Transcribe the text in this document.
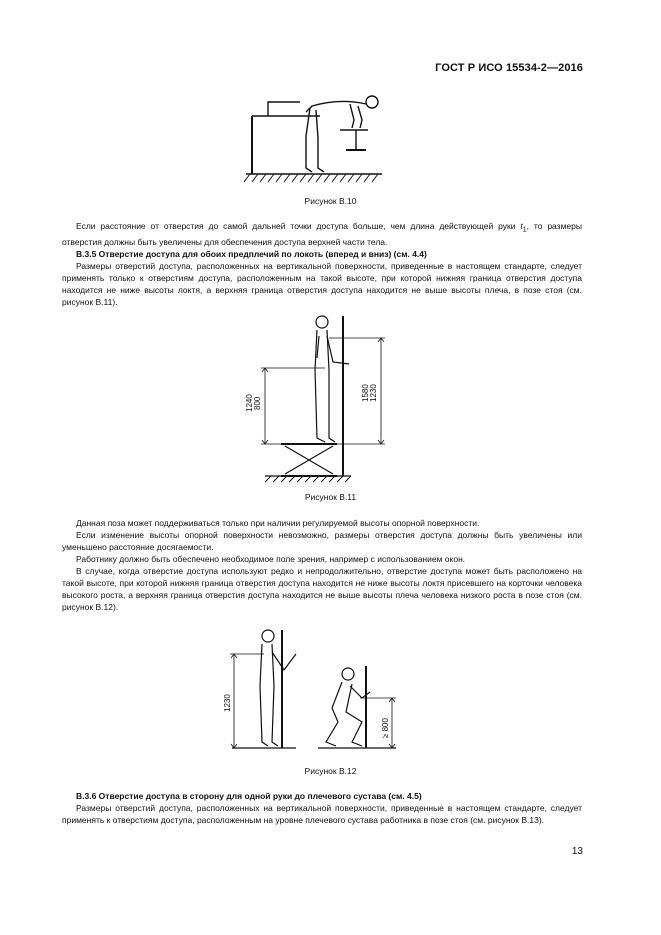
ГОСТ Р ИСО 15534-2—2016
Рисунок В.10

Если расстояние от отверстия до самой дальней точки доступа больше, чем длина действующей руки $t_1$, то размеры отверстия должны быть увеличены для обеспечения доступа верхней части тела.

В.3.5 Отверстие доступа для обоих предплечий по локоть (вперед и вниз) (см. 4.4)

Размеры отверстий доступа, расположенных на вертикальной поверхности, приведенные в настоящем стандарте, следует применять только к отверстиям доступа, расположенным на такой высоте, при которой нижняя граница отверстия доступа находится не ниже высоты локтя, а верхняя граница отверстия доступа находится не выше высоты плеча, в позе стоя (см. рисунок В.11).

1240 800
1580 1230
Рисунок В.11

Данная поза может поддерживаться только при наличии регулируемой высоты опорной поверхности.

Если изменение высоты опорной поверхности невозможно, размеры отверстия доступа должны быть увеличены или уменьшено расстояние досягаемости.

Работнику должно быть обеспечено необходимое поле зрения, например с использованием окон.

В случае, когда отверстие доступа используют редко и непродолжительно, отверстие доступа может быть расположено на такой высоте, при которой нижняя граница отверстия доступа находится не ниже высоты локтя присевшего на корточки человека высокого роста, а верхняя граница отверстия доступа находится не выше высоты плеча человека низкого роста в позе стоя (см. рисунок В.12).

1230
≥ 800
Рисунок В.12

В.3.6 Отверстие доступа в сторону для одной руки до плечевого сустава (см. 4.5)

Размеры отверстий доступа, расположенных на вертикальной поверхности, приведенные в настоящем стандарте, следует применять к отверстиям доступа, расположенным на уровне плечевого сустава работника в позе стоя (см. рисунок В.13).

13
